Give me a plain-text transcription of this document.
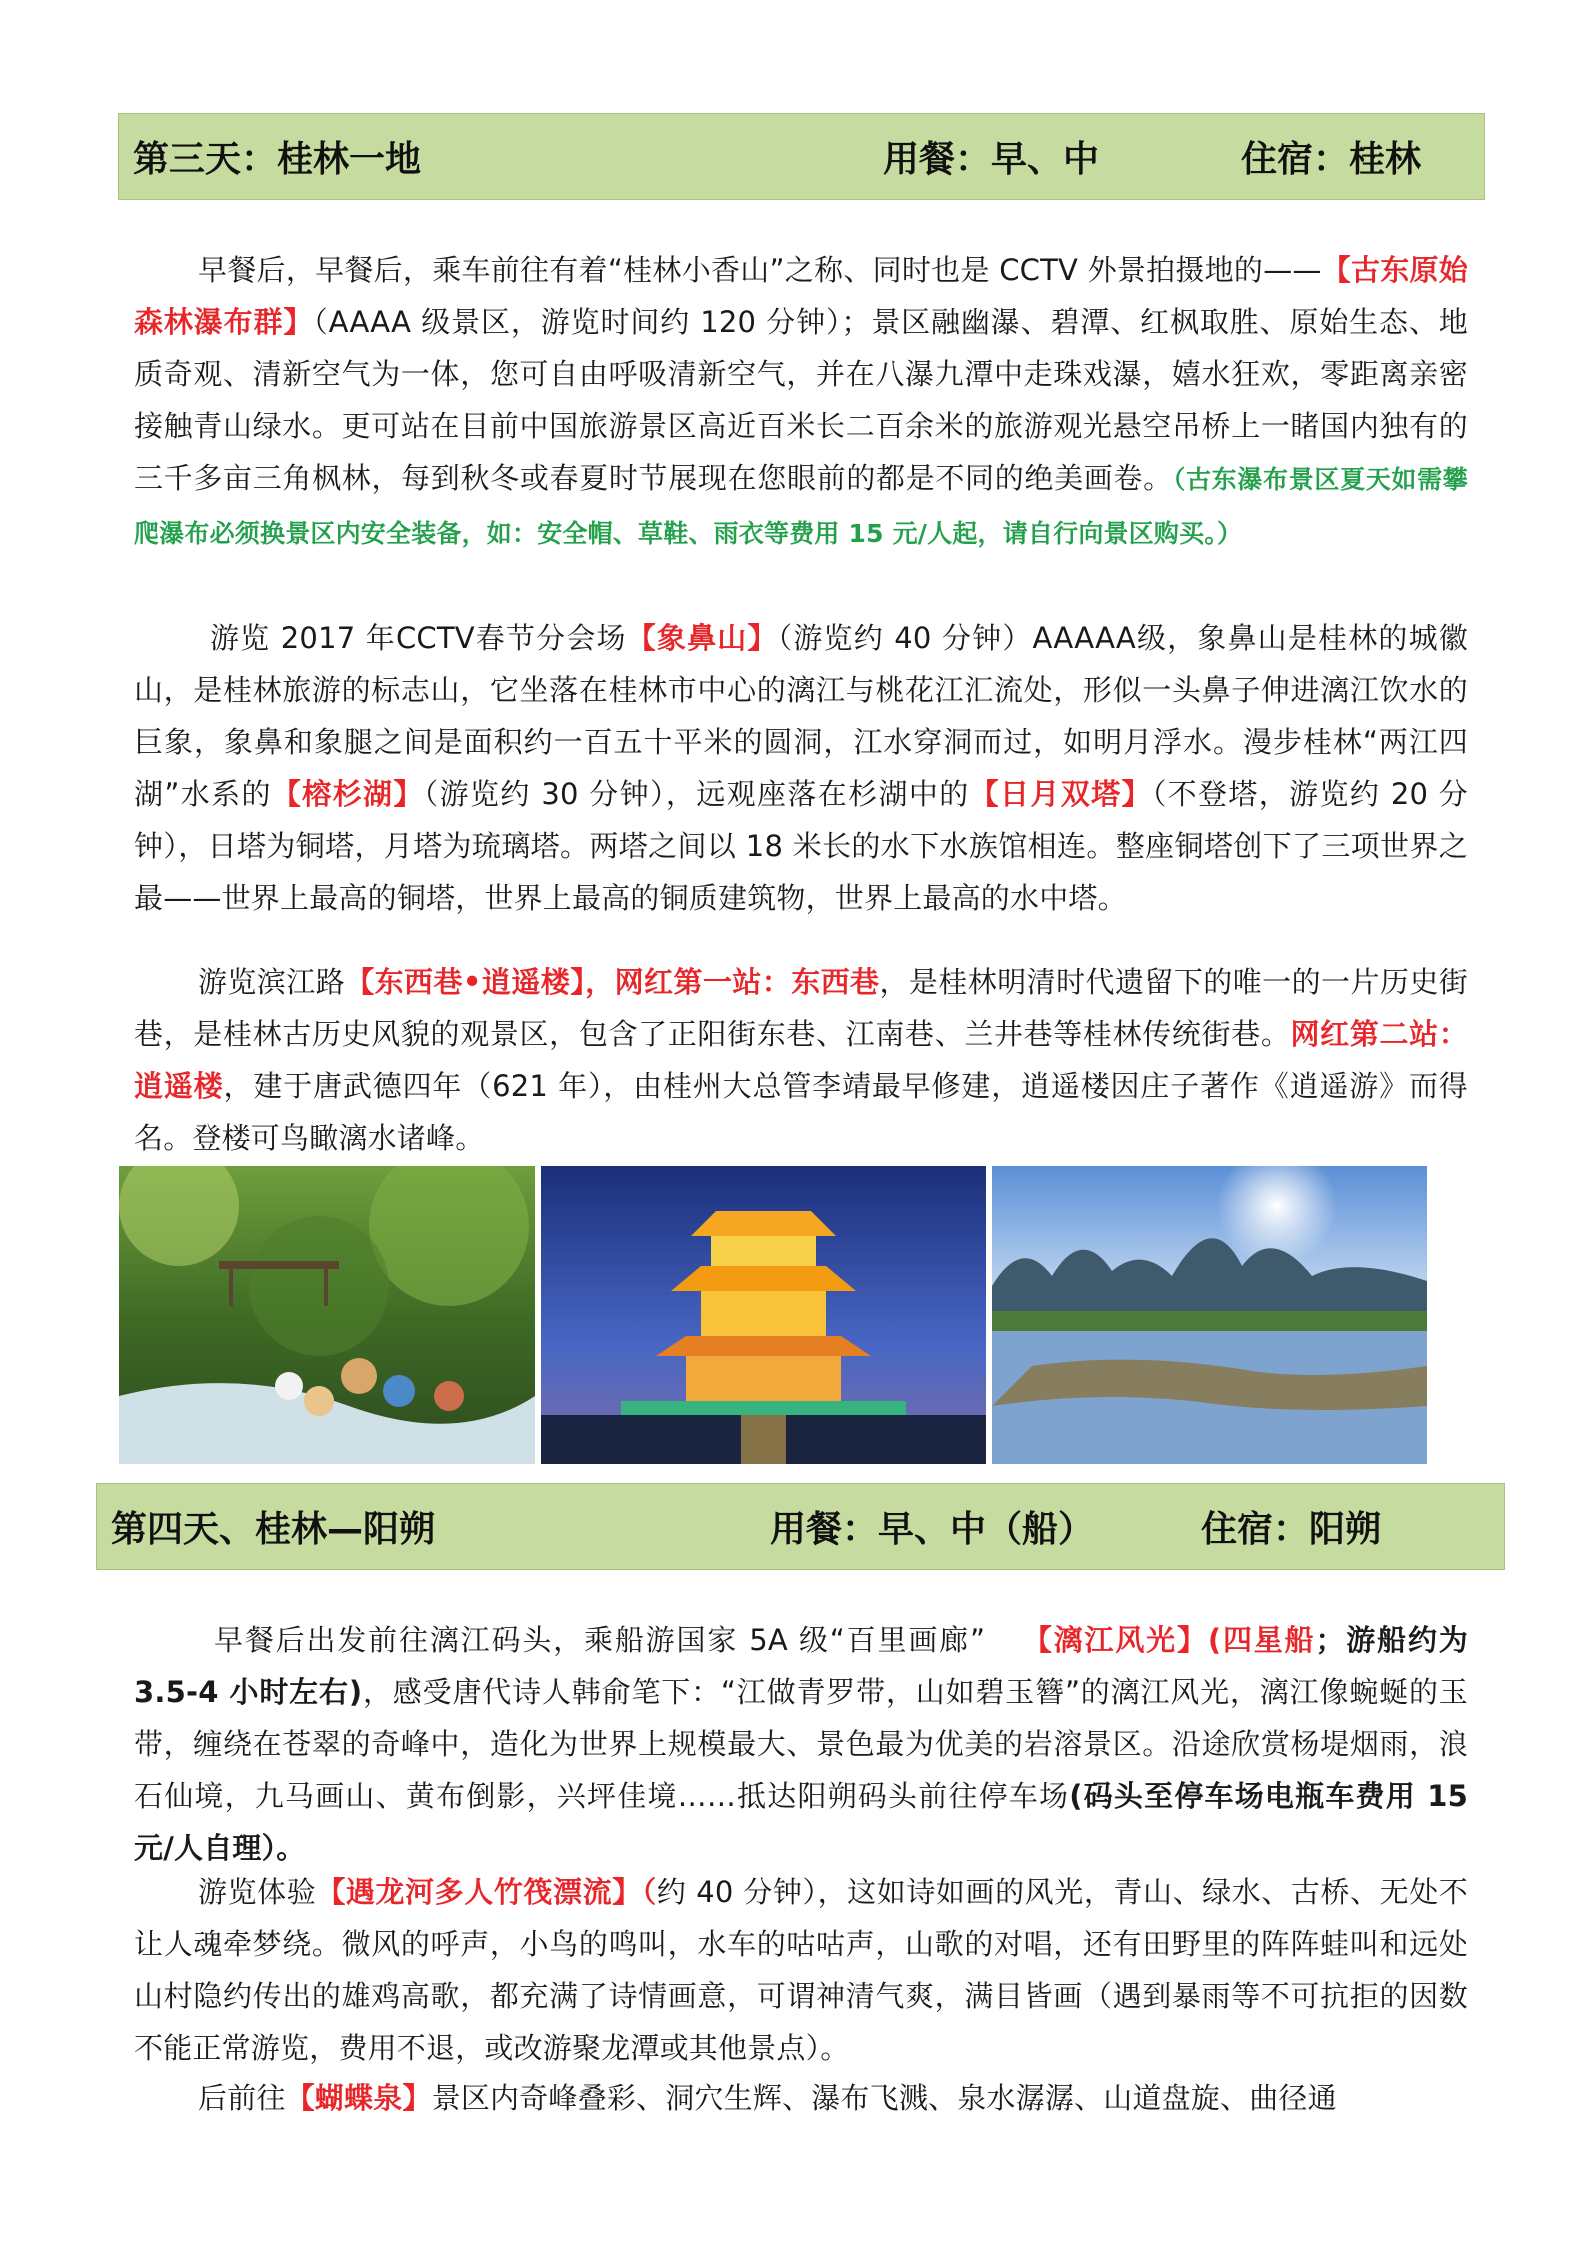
第三天：桂林一地	用餐：早、中	住宿：桂林

早餐后，早餐后，乘车前往有着“桂林小香山”之称、同时也是 CCTV 外景拍摄地的——【古东原始森林瀑布群】（AAAA 级景区，游览时间约 120 分钟）；景区融幽瀑、碧潭、红枫取胜、原始生态、地质奇观、清新空气为一体，您可自由呼吸清新空气，并在八瀑九潭中走珠戏瀑，嬉水狂欢，零距离亲密接触青山绿水。更可站在目前中国旅游景区高近百米长二百余米的旅游观光悬空吊桥上一睹国内独有的三千多亩三角枫林，每到秋冬或春夏时节展现在您眼前的都是不同的绝美画卷。（古东瀑布景区夏天如需攀爬瀑布必须换景区内安全装备，如：安全帽、草鞋、雨衣等费用 15 元/人起，请自行向景区购买。）

游览 2017 年CCTV春节分会场【象鼻山】（游览约 40 分钟）AAAAA级，象鼻山是桂林的城徽山，是桂林旅游的标志山，它坐落在桂林市中心的漓江与桃花江汇流处，形似一头鼻子伸进漓江饮水的巨象，象鼻和象腿之间是面积约一百五十平米的圆洞，江水穿洞而过，如明月浮水。漫步桂林“两江四湖”水系的【榕杉湖】（游览约 30 分钟），远观座落在杉湖中的【日月双塔】（不登塔，游览约 20 分钟），日塔为铜塔，月塔为琉璃塔。两塔之间以 18 米长的水下水族馆相连。整座铜塔创下了三项世界之最——世界上最高的铜塔，世界上最高的铜质建筑物，世界上最高的水中塔。

游览滨江路【东西巷•逍遥楼】，网红第一站：东西巷，是桂林明清时代遗留下的唯一的一片历史街巷，是桂林古历史风貌的观景区，包含了正阳街东巷、江南巷、兰井巷等桂林传统街巷。网红第二站：逍遥楼，建于唐武德四年（621 年），由桂州大总管李靖最早修建，逍遥楼因庄子著作《逍遥游》而得名。登楼可鸟瞰漓水诸峰。

第四天、桂林—阳朔	用餐：早、中（船）	住宿：阳朔

早餐后出发前往漓江码头，乘船游国家 5A 级“百里画廊” 【漓江风光】(四星船；游船约为 3.5-4 小时左右)，感受唐代诗人韩俞笔下：“江做青罗带，山如碧玉簪”的漓江风光，漓江像蜿蜒的玉带，缠绕在苍翠的奇峰中，造化为世界上规模最大、景色最为优美的岩溶景区。沿途欣赏杨堤烟雨，浪石仙境，九马画山、黄布倒影，兴坪佳境……抵达阳朔码头前往停车场(码头至停车场电瓶车费用 15 元/人自理）。

游览体验【遇龙河多人竹筏漂流】（约 40 分钟），这如诗如画的风光，青山、绿水、古桥、无处不让人魂牵梦绕。微风的呼声，小鸟的鸣叫，水车的咕咕声，山歌的对唱，还有田野里的阵阵蛙叫和远处山村隐约传出的雄鸡高歌，都充满了诗情画意，可谓神清气爽，满目皆画（遇到暴雨等不可抗拒的因数不能正常游览，费用不退，或改游聚龙潭或其他景点）。

后前往【蝴蝶泉】景区内奇峰叠彩、洞穴生辉、瀑布飞溅、泉水潺潺、山道盘旋、曲径通
